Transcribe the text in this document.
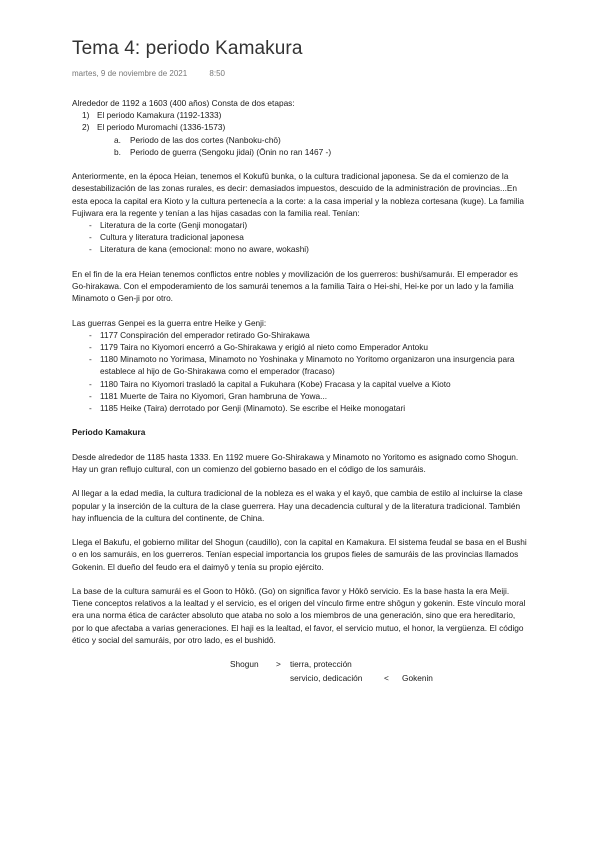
Tema 4: periodo Kamakura
martes, 9 de noviembre de 2021	8:50

Alrededor de 1192 a 1603 (400 años) Consta de dos etapas:

1) El periodo Kamakura (1192-1333)
2) El periodo Muromachi (1336-1573)
a. Periodo de las dos cortes (Nanboku-chō)
b. Periodo de guerra (Sengoku jidai) (Ōnin no ran 1467 -)

Anteriormente, en la época Heian, tenemos el Kokufū bunka, o la cultura tradicional japonesa. Se da el comienzo de la desestabilización de las zonas rurales, es decir: demasiados impuestos, descuido de la administración de provincias...En esta epoca la capital era Kioto y la cultura pertenecía a la corte: a la casa imperial y la nobleza cortesana (kuge). La familia Fujiwara era la regente y tenían a las hijas casadas con la familia real. Tenían:

- Literatura de la corte (Genji monogatari)
- Cultura y literatura tradicional japonesa
- Literatura de kana (emocional: mono no aware, wokashi)

En el fin de la era Heian tenemos conflictos entre nobles y movilización de los guerreros: bushi/samuráı. El emperador es Go-hirakawa. Con el empoderamiento de los samurái tenemos a la familia Taira o Hei-shi, Hei-ke por un lado y la familia Minamoto o Gen-ji por otro.

Las guerras Genpei es la guerra entre Heike y Genji:

- 1177 Conspiración del emperador retirado Go-Shirakawa
- 1179 Taira no Kiyomori encerró a Go-Shirakawa y erigió al nieto como Emperador Antoku
- 1180 Minamoto no Yorimasa, Minamoto no Yoshinaka y Minamoto no Yoritomo organizaron una insurgencia para establece al hijo de Go-Shirakawa como el emperador (fracaso)
- 1180 Taira no Kiyomori trasladó la capital a Fukuhara (Kobe) Fracasa y la capital vuelve a Kioto
- 1181 Muerte de Taira no Kiyomori, Gran hambruna de Yowa...
- 1185 Heike (Taira) derrotado por Genji (Minamoto). Se escribe el Heike monogatari

Periodo Kamakura

Desde alrededor de 1185 hasta 1333. En 1192 muere Go-Shirakawa y Minamoto no Yoritomo es asignado como Shogun. Hay un gran reflujo cultural, con un comienzo del gobierno basado en el código de los samuráis.

Al llegar a la edad media, la cultura tradicional de la nobleza es el waka y el kayō, que cambia de estilo al incluirse la clase popular y la inserción de la cultura de la clase guerrera. Hay una decadencia cultural y de la literatura tradicional. También hay influencia de la cultura del continente, de China.

Llega el Bakufu, el gobierno militar del Shogun (caudillo), con la capital en Kamakura. El sistema feudal se basa en el Bushi o en los samuráis, en los guerreros. Tenían especial importancia los grupos fieles de samuráis de las provincias llamados Gokenin. El dueño del feudo era el daimyō y tenía su propio ejército.

La base de la cultura samurái es el Goon to Hōkō. (Go) on significa favor y Hōkō servicio. Es la base hasta la era Meiji. Tiene conceptos relativos a la lealtad y el servicio, es el origen del vínculo firme entre shōgun y gokenin. Este vínculo moral era una norma ética de carácter absoluto que ataba no solo a los miembros de una generación, sino que era hereditario, por lo que afectaba a varias generaciones. El haji es la lealtad, el favor, el servicio mutuo, el honor, la vergüenza. El código ético y social del samuráis, por otro lado, es el bushidō.

Shogun > tierra, protección
servicio, dedicación	< Gokenin
